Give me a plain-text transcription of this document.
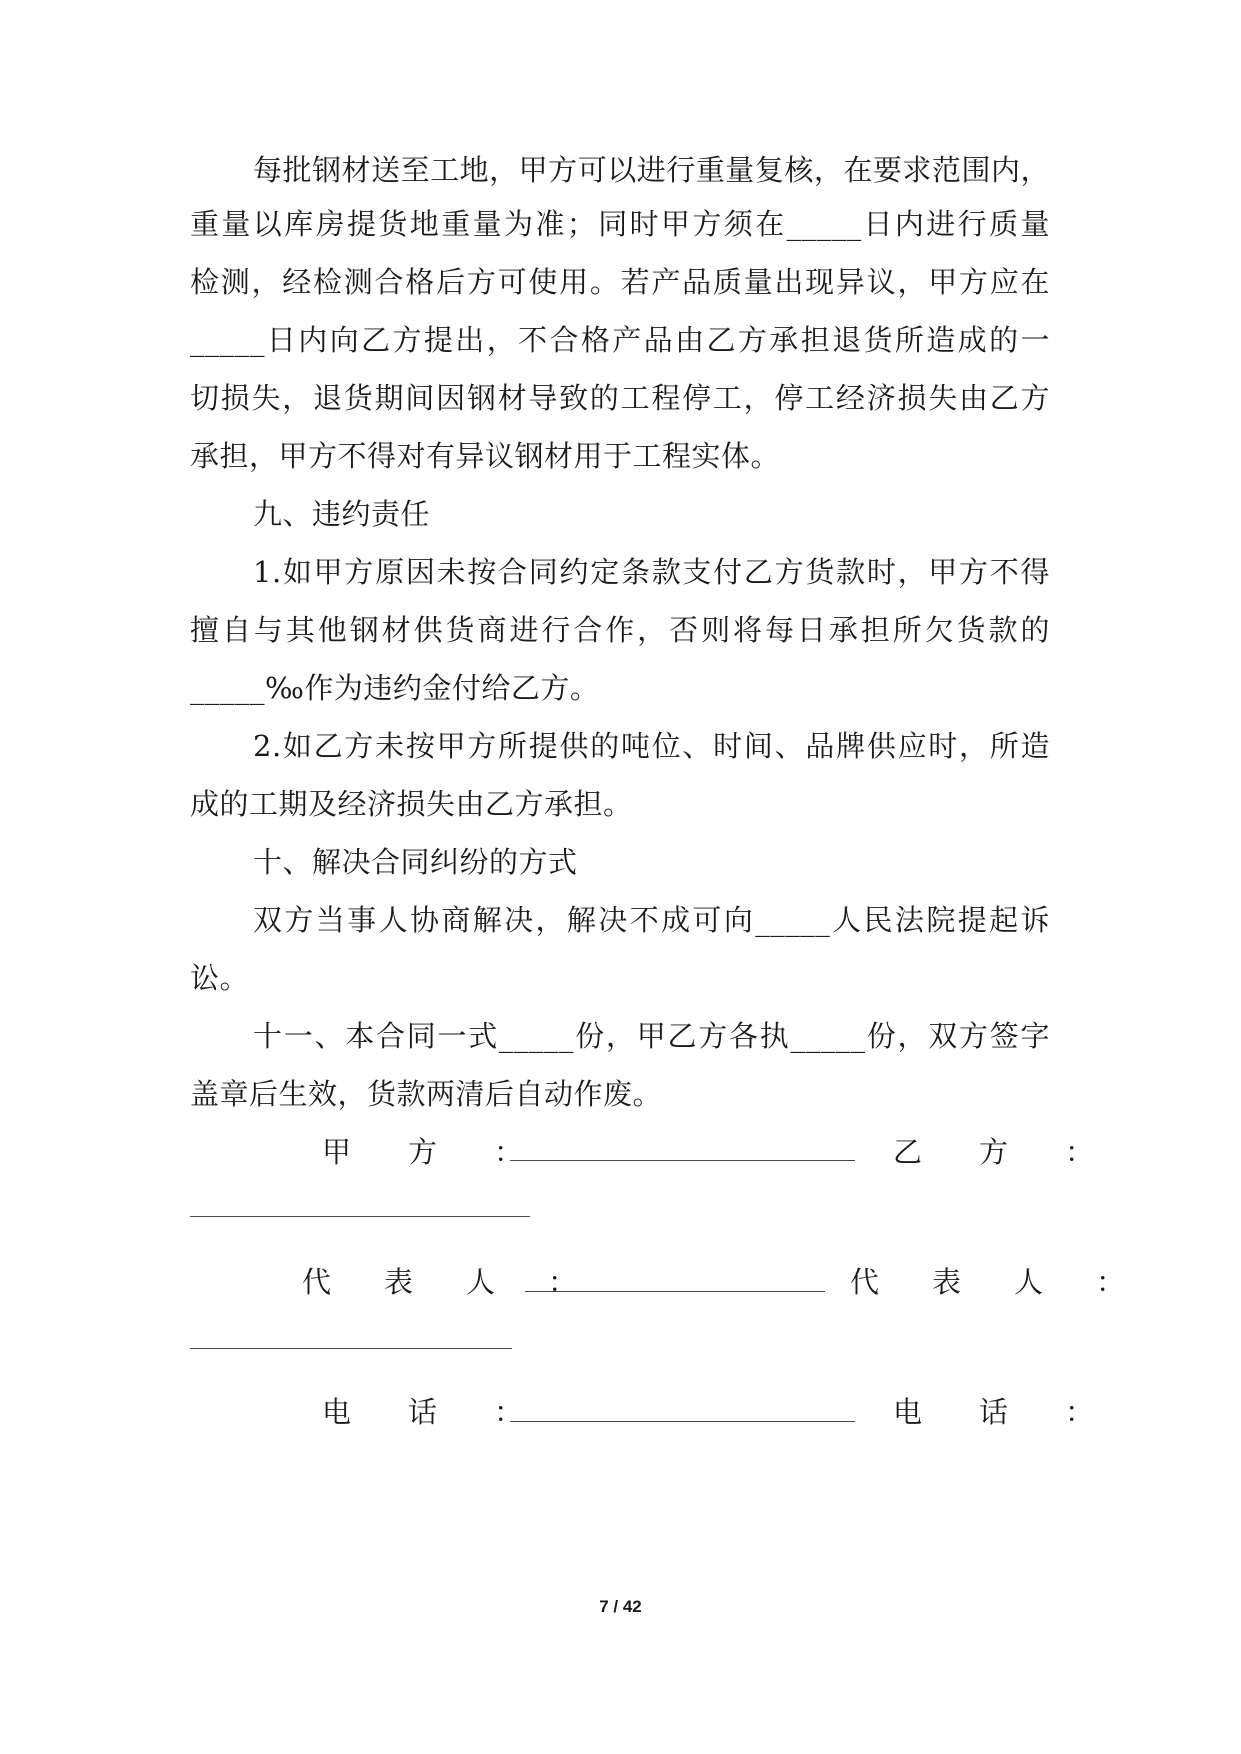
每批钢材送至工地，甲方可以进行重量复核，在要求范围内，
重量以库房提货地重量为准；同时甲方须在_____日内进行质量
检测，经检测合格后方可使用。若产品质量出现异议，甲方应在
_____日内向乙方提出，不合格产品由乙方承担退货所造成的一
切损失，退货期间因钢材导致的工程停工，停工经济损失由乙方
承担，甲方不得对有异议钢材用于工程实体。
九、违约责任
1.如甲方原因未按合同约定条款支付乙方货款时，甲方不得
擅自与其他钢材供货商进行合作，否则将每日承担所欠货款的
_____‰作为违约金付给乙方。
2.如乙方未按甲方所提供的吨位、时间、品牌供应时，所造
成的工期及经济损失由乙方承担。
十、解决合同纠纷的方式
双方当事人协商解决，解决不成可向_____人民法院提起诉
讼。
十一、本合同一式_____份，甲乙方各执_____份，双方签字
盖章后生效，货款两清后自动作废。
甲　方　：	乙　方　：
代　表　人　：	代　表　人　：
电　话　：	电　话　：
7 / 42
